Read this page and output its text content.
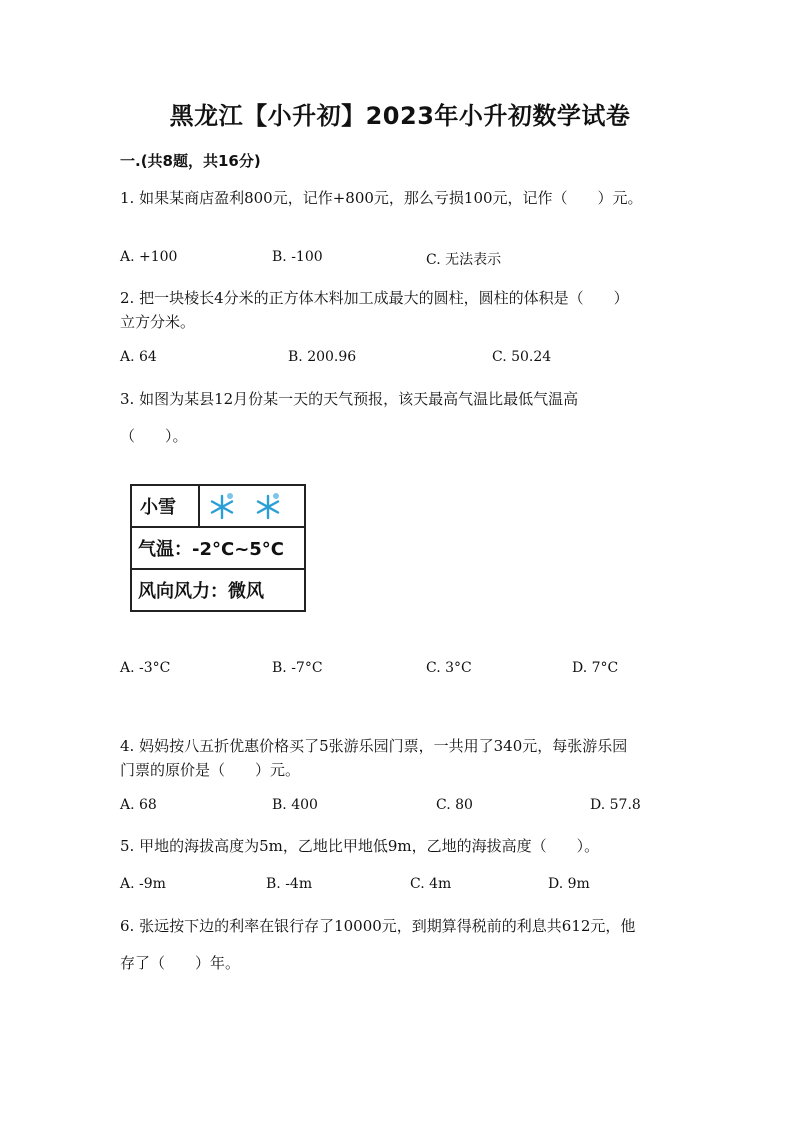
黑龙江【小升初】2023年小升初数学试卷
一.(共8题，共16分)
1. 如果某商店盈利800元，记作+800元，那么亏损100元，记作（　　）元。
A. +100	B. -100	C. 无法表示
2. 把一块棱长4分米的正方体木料加工成最大的圆柱，圆柱的体积是（　　）
立方分米。
A. 64	B. 200.96	C. 50.24
3. 如图为某县12月份某一天的天气预报，该天最高气温比最低气温高
（　　）。
小雪
气温：-2°C~5°C
风向风力：微风
A. -3°C	B. -7°C	C. 3°C	D. 7°C
4. 妈妈按八五折优惠价格买了5张游乐园门票，一共用了340元，每张游乐园
门票的原价是（　　）元。
A. 68	B. 400	C. 80	D. 57.8
5. 甲地的海拔高度为5m，乙地比甲地低9m，乙地的海拔高度（　　）。
A. -9m	B. -4m	C. 4m	D. 9m
6. 张远按下边的利率在银行存了10000元，到期算得税前的利息共612元，他
存了（　　）年。
